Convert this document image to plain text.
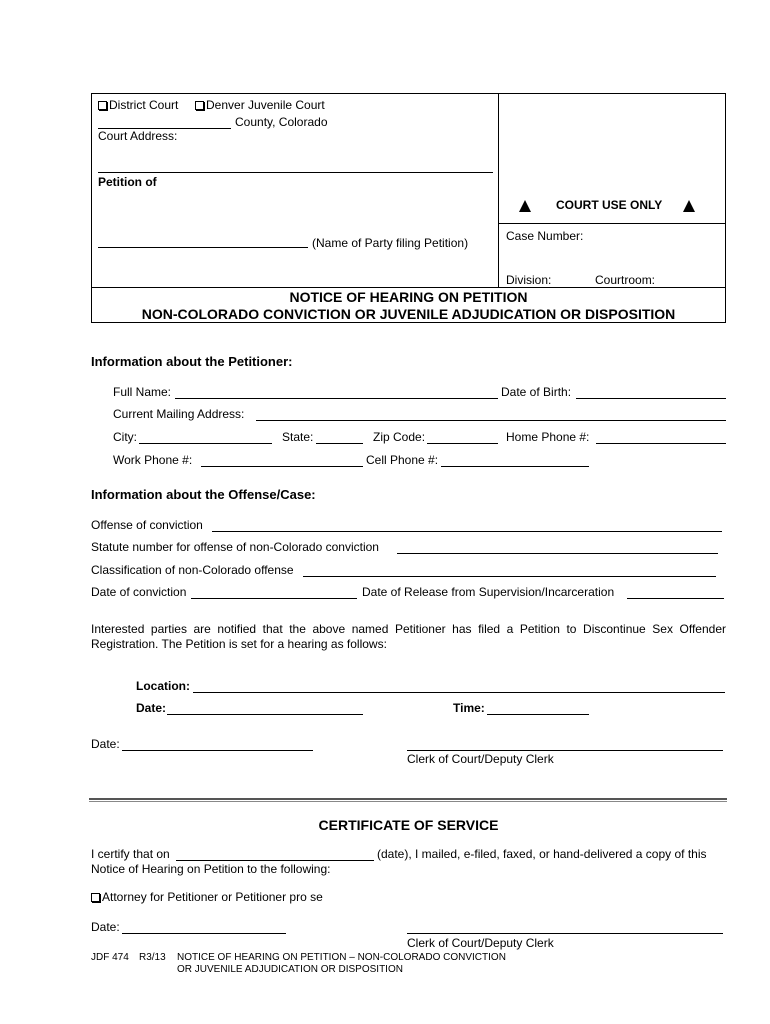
District Court	Denver Juvenile Court
County, Colorado
Court Address:
Petition of
(Name of Party filing Petition)
COURT USE ONLY
Case Number:
Division:	Courtroom:
NOTICE OF HEARING ON PETITION
NON-COLORADO CONVICTION OR JUVENILE ADJUDICATION OR DISPOSITION
Information about the Petitioner:
Full Name:	Date of Birth:
Current Mailing Address:
City:	State:	Zip Code:	Home Phone #:
Work Phone #:	Cell Phone #:
Information about the Offense/Case:
Offense of conviction
Statute number for offense of non-Colorado conviction
Classification of non-Colorado offense
Date of conviction	Date of Release from Supervision/Incarceration
Interested parties are notified that the above named Petitioner has filed a Petition to Discontinue Sex Offender Registration. The Petition is set for a hearing as follows:
Location:
Date:	Time:
Date:
Clerk of Court/Deputy Clerk
CERTIFICATE OF SERVICE
I certify that on	(date), I mailed, e-filed, faxed, or hand-delivered a copy of this
Notice of Hearing on Petition to the following:
Attorney for Petitioner or Petitioner pro se
Date:
Clerk of Court/Deputy Clerk
JDF 474 R3/13 NOTICE OF HEARING ON PETITION – NON-COLORADO CONVICTION
OR JUVENILE ADJUDICATION OR DISPOSITION
